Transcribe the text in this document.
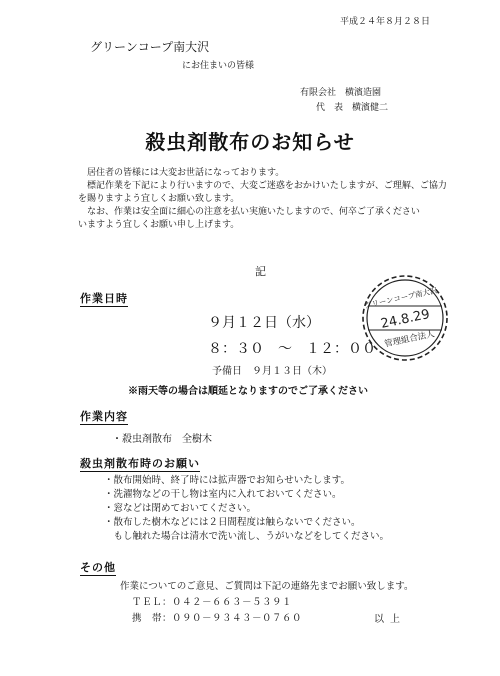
平成２４年８月２８日
グリーンコープ南大沢
にお住まいの皆様
有限会社　横濱造園
代　表　横濱健二
殺虫剤散布のお知らせ

居住者の皆様には大変お世話になっております。

標記作業を下記により行いますので、大変ご迷惑をおかけいたしますが、ご理解、ご協力を賜りますよう宜しくお願い致します。

なお、作業は安全面に細心の注意を払い実施いたしますので、何卒ご了承ください

いますよう宜しくお願い申し上げます。

記
作業日時
９月１２日（水）
８：３０　～　１２：００
予備日　９月１３日（木）
※雨天等の場合は順延となりますのでご了承ください
作業内容
・殺虫剤散布　全樹木
殺虫剤散布時のお願い
・散布開始時、終了時には拡声器でお知らせいたします。
・洗濯物などの干し物は室内に入れておいてください。
・窓などは閉めておいてください。
・散布した樹木などには２日間程度は触らないでください。
　もし触れた場合は清水で洗い流し、うがいなどをしてください。
その他
作業についてのご意見、ご質問は下記の連絡先までお願い致します。
ＴＥＬ：０４２－６６３－５３９１
携　帯：０９０－９３４３－０７６０	以上
グリーンコープ南大沢
24.8.29
管理組合法人
